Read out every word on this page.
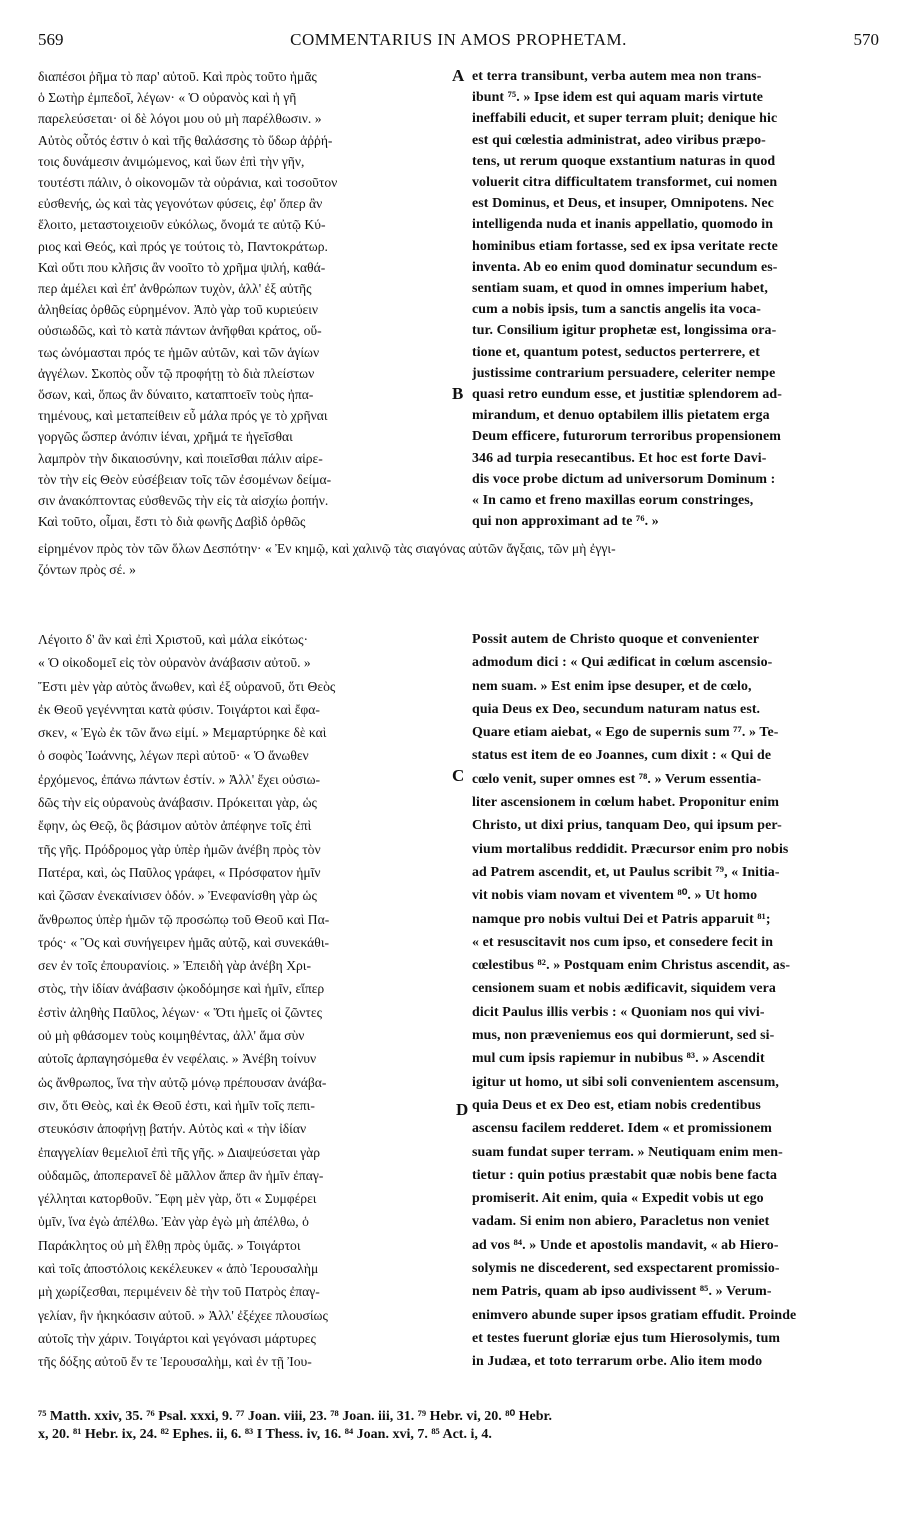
569	COMMENTARIUS IN AMOS PROPHETAM.	570
διαπέσοι ῥῆμα τὸ παρ' αὐτοῦ. Καὶ πρὸς τοῦτο ἡμᾶς
ὁ Σωτὴρ ἐμπεδοῖ, λέγων· « Ὁ οὐρανὸς καὶ ἡ γῆ
παρελεύσεται· οἱ δὲ λόγοι μου οὐ μὴ παρέλθωσιν. »
Αὐτὸς οὗτός ἐστιν ὁ καὶ τῆς θαλάσσης τὸ ὕδωρ ἀῤῥή-
τοις δυνάμεσιν ἀνιμώμενος, καὶ ὕων ἐπὶ τὴν γῆν,
τουτέστι πάλιν, ὁ οἰκονομῶν τὰ οὐράνια, καὶ τοσοῦτον
εὐσθενής, ὡς καὶ τὰς γεγονότων φύσεις, ἐφ' ὅπερ ἂν
ἕλοιτο, μεταστοιχειοῦν εὐκόλως, ὄνομά τε αὐτῷ Κύ-
ριος καὶ Θεός, καὶ πρός γε τούτοις τὸ, Παντοκράτωρ.
Καὶ οὔτι που κλῆσις ἂν νοοῖτο τὸ χρῆμα ψιλή, καθά-
περ ἀμέλει καὶ ἐπ' ἀνθρώπων τυχὸν, ἀλλ' ἐξ αὐτῆς
ἀληθείας ὀρθῶς εὑρημένον. Ἀπὸ γὰρ τοῦ κυριεύειν
οὐσιωδῶς, καὶ τὸ κατὰ πάντων ἀνῆφθαι κράτος, οὕ-
τως ὠνόμασται πρός τε ἡμῶν αὐτῶν, καὶ τῶν ἁγίων
ἀγγέλων. Σκοπὸς οὖν τῷ προφήτῃ τὸ διὰ πλείστων
ὅσων, καὶ, ὅπως ἂν δύναιτο, καταπτοεῖν τοὺς ἠπα-
τημένους, καὶ μεταπείθειν εὖ μάλα πρός γε τὸ χρῆναι
γοργῶς ὥσπερ ἀνόπιν ἰέναι, χρῆμά τε ἡγεῖσθαι
λαμπρὸν τὴν δικαιοσύνην, καὶ ποιεῖσθαι πάλιν αἱρε-
τὸν τὴν εἰς Θεὸν εὐσέβειαν τοῖς τῶν ἐσομένων δείμα-
σιν ἀνακόπτοντας εὐσθενῶς τὴν εἰς τὰ αἰσχίω ῥοπήν.
Καὶ τοῦτο, οἶμαι, ἔστι τὸ διὰ φωνῆς Δαβὶδ ὀρθῶς
et terra transibunt, verba autem mea non trans-
ibunt ⁷⁵. » Ipse idem est qui aquam maris virtute
ineffabili educit, et super terram pluit; denique hic
est qui cœlestia administrat, adeo viribus præpo-
tens, ut rerum quoque exstantium naturas in quod
voluerit citra difficultatem transformet, cui nomen
est Dominus, et Deus, et insuper, Omnipotens. Nec
intelligenda nuda et inanis appellatio, quomodo in
hominibus etiam fortasse, sed ex ipsa veritate recte
inventa. Ab eo enim quod dominatur secundum es-
sentiam suam, et quod in omnes imperium habet,
cum a nobis ipsis, tum a sanctis angelis ita voca-
tur. Consilium igitur prophetæ est, longissima ora-
tione et, quantum potest, seductos perterrere, et
justissime contrarium persuadere, celeriter nempe
quasi retro eundum esse, et justitiæ splendorem ad-
mirandum, et denuo optabilem illis pietatem erga
Deum efficere, futurorum terroribus propensionem
346 ad turpia resecantibus. Et hoc est forte Davi-
dis voce probe dictum ad universorum Dominum :
« In camo et freno maxillas eorum constringes,
qui non approximant ad te ⁷⁶. »
A
B
C
D
εἰρημένον πρὸς τὸν τῶν ὅλων Δεσπότην· « Ἐν κημῷ, καὶ χαλινῷ τὰς σιαγόνας αὐτῶν ἄγξαις, τῶν μὴ ἐγγι-
ζόντων πρὸς σέ. »
Λέγοιτο δ' ἂν καὶ ἐπὶ Χριστοῦ, καὶ μάλα εἰκότως·
« Ὁ οἰκοδομεῖ εἰς τὸν οὐρανὸν ἀνάβασιν αὐτοῦ. »
Ἔστι μὲν γὰρ αὐτὸς ἄνωθεν, καὶ ἐξ οὐρανοῦ, ὅτι Θεὸς
ἐκ Θεοῦ γεγέννηται κατὰ φύσιν. Τοιγάρτοι καὶ ἔφα-
σκεν, « Ἐγὼ ἐκ τῶν ἄνω εἰμί. » Μεμαρτύρηκε δὲ καὶ
ὁ σοφὸς Ἰωάννης, λέγων περὶ αὐτοῦ· « Ὁ ἄνωθεν
ἐρχόμενος, ἐπάνω πάντων ἐστίν. » Ἀλλ' ἔχει οὐσιω-
δῶς τὴν εἰς οὐρανοὺς ἀνάβασιν. Πρόκειται γὰρ, ὡς
ἔφην, ὡς Θεῷ, ὃς βάσιμον αὐτὸν ἀπέφηνε τοῖς ἐπὶ
τῆς γῆς. Πρόδρομος γὰρ ὑπὲρ ἡμῶν ἀνέβη πρὸς τὸν
Πατέρα, καὶ, ὡς Παῦλος γράφει, « Πρόσφατον ἡμῖν
καὶ ζῶσαν ἐνεκαίνισεν ὁδόν. » Ἐνεφανίσθη γὰρ ὡς
ἄνθρωπος ὑπὲρ ἡμῶν τῷ προσώπῳ τοῦ Θεοῦ καὶ Πα-
τρός· « Ὃς καὶ συνήγειρεν ἡμᾶς αὐτῷ, καὶ συνεκάθι-
σεν ἐν τοῖς ἐπουρανίοις. » Ἐπειδὴ γὰρ ἀνέβη Χρι-
στὸς, τὴν ἰδίαν ἀνάβασιν ᾠκοδόμησε καὶ ἡμῖν, εἴπερ
ἐστὶν ἀληθὴς Παῦλος, λέγων· « Ὅτι ἡμεῖς οἱ ζῶντες
οὐ μὴ φθάσομεν τοὺς κοιμηθέντας, ἀλλ' ἅμα σὺν
αὐτοῖς ἁρπαγησόμεθα ἐν νεφέλαις. » Ἀνέβη τοίνυν
ὡς ἄνθρωπος, ἵνα τὴν αὐτῷ μόνῳ πρέπουσαν ἀνάβα-
σιν, ὅτι Θεὸς, καὶ ἐκ Θεοῦ ἐστι, καὶ ἡμῖν τοῖς πεπι-
στευκόσιν ἀποφήνῃ βατήν. Αὐτὸς καὶ « τὴν ἰδίαν
ἐπαγγελίαν θεμελιοῖ ἐπὶ τῆς γῆς. » Διαψεύσεται γὰρ
οὐδαμῶς, ἀποπερανεῖ δὲ μᾶλλον ἅπερ ἂν ἡμῖν ἐπαγ-
γέλληται κατορθοῦν. Ἔφη μὲν γὰρ, ὅτι « Συμφέρει
ὑμῖν, ἵνα ἐγὼ ἀπέλθω. Ἐὰν γὰρ ἐγὼ μὴ ἀπέλθω, ὁ
Παράκλητος οὐ μὴ ἔλθῃ πρὸς ὑμᾶς. » Τοιγάρτοι
καὶ τοῖς ἀποστόλοις κεκέλευκεν « ἀπὸ Ἱερουσαλὴμ
μὴ χωρίζεσθαι, περιμένειν δὲ τὴν τοῦ Πατρὸς ἐπαγ-
γελίαν, ἣν ἠκηκόασιν αὐτοῦ. » Ἀλλ' ἐξέχεε πλουσίως
αὐτοῖς τὴν χάριν. Τοιγάρτοι καὶ γεγόνασι μάρτυρες
τῆς δόξης αὐτοῦ ἔν τε Ἱερουσαλὴμ, καὶ ἐν τῇ Ἰου-
Possit autem de Christo quoque et convenienter
admodum dici : « Qui ædificat in cœlum ascensio-
nem suam. » Est enim ipse desuper, et de cœlo,
quia Deus ex Deo, secundum naturam natus est.
Quare etiam aiebat, « Ego de supernis sum ⁷⁷. » Te-
status est item de eo Joannes, cum dixit : « Qui de
cœlo venit, super omnes est ⁷⁸. » Verum essentia-
liter ascensionem in cœlum habet. Proponitur enim
Christo, ut dixi prius, tanquam Deo, qui ipsum per-
vium mortalibus reddidit. Præcursor enim pro nobis
ad Patrem ascendit, et, ut Paulus scribit ⁷⁹, « Initia-
vit nobis viam novam et viventem ⁸⁰. » Ut homo
namque pro nobis vultui Dei et Patris apparuit ⁸¹;
« et resuscitavit nos cum ipso, et consedere fecit in
cœlestibus ⁸². » Postquam enim Christus ascendit, as-
censionem suam et nobis ædificavit, siquidem vera
dicit Paulus illis verbis : « Quoniam nos qui vivi-
mus, non præveniemus eos qui dormierunt, sed si-
mul cum ipsis rapiemur in nubibus ⁸³. » Ascendit
igitur ut homo, ut sibi soli convenientem ascensum,
quia Deus et ex Deo est, etiam nobis credentibus
ascensu facilem redderet. Idem « et promissionem
suam fundat super terram. » Neutiquam enim men-
tietur : quin potius præstabit quæ nobis bene facta
promiserit. Ait enim, quia « Expedit vobis ut ego
vadam. Si enim non abiero, Paracletus non veniet
ad vos ⁸⁴. » Unde et apostolis mandavit, « ab Hiero-
solymis ne discederent, sed exspectarent promissio-
nem Patris, quam ab ipso audivissent ⁸⁵. » Verum-
enimvero abunde super ipsos gratiam effudit. Proinde
et testes fuerunt gloriæ ejus tum Hierosolymis, tum
in Judæa, et toto terrarum orbe. Alio item modo
⁷⁵ Matth. xxiv, 35. ⁷⁶ Psal. xxxi, 9. ⁷⁷ Joan. viii, 23. ⁷⁸ Joan. iii, 31. ⁷⁹ Hebr. vi, 20. ⁸⁰ Hebr.
x, 20. ⁸¹ Hebr. ix, 24. ⁸² Ephes. ii, 6. ⁸³ I Thess. iv, 16. ⁸⁴ Joan. xvi, 7. ⁸⁵ Act. i, 4.
